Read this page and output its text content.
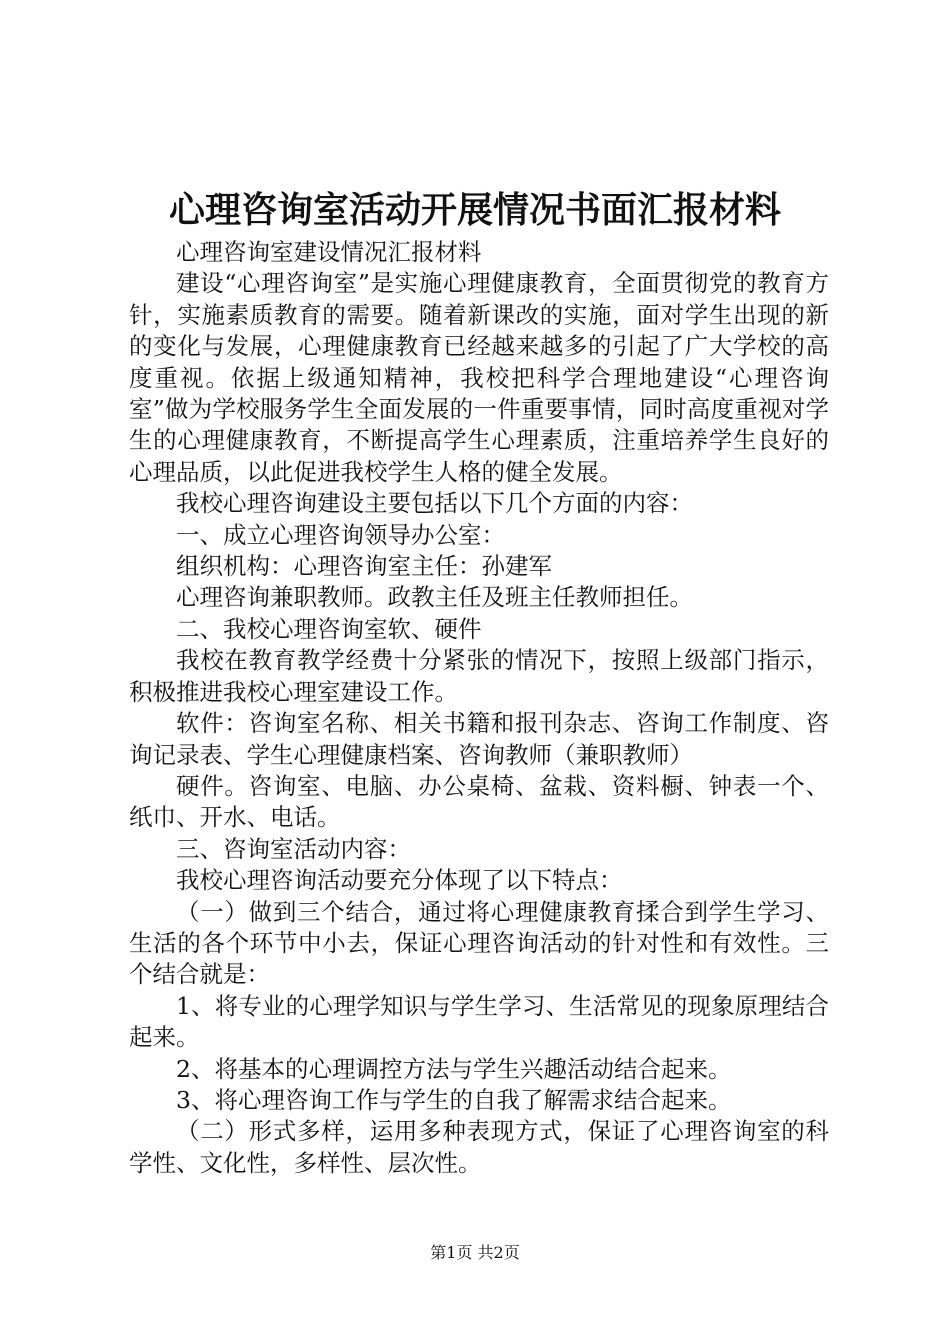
心理咨询室活动开展情况书面汇报材料

心理咨询室建设情况汇报材料

建设“心理咨询室”是实施心理健康教育，全面贯彻党的教育方针，实施素质教育的需要。随着新课改的实施，面对学生出现的新的变化与发展，心理健康教育已经越来越多的引起了广大学校的高度重视。依据上级通知精神，我校把科学合理地建设“心理咨询室”做为学校服务学生全面发展的一件重要事情，同时高度重视对学生的心理健康教育，不断提高学生心理素质，注重培养学生良好的心理品质，以此促进我校学生人格的健全发展。

我校心理咨询建设主要包括以下几个方面的内容：

一、成立心理咨询领导办公室：

组织机构：心理咨询室主任：孙建军

心理咨询兼职教师。政教主任及班主任教师担任。

二、我校心理咨询室软、硬件

我校在教育教学经费十分紧张的情况下，按照上级部门指示，积极推进我校心理室建设工作。

软件：咨询室名称、相关书籍和报刊杂志、咨询工作制度、咨询记录表、学生心理健康档案、咨询教师（兼职教师）

硬件。咨询室、电脑、办公桌椅、盆栽、资料橱、钟表一个、纸巾、开水、电话。

三、咨询室活动内容：

我校心理咨询活动要充分体现了以下特点：

（一）做到三个结合，通过将心理健康教育揉合到学生学习、生活的各个环节中小去，保证心理咨询活动的针对性和有效性。三个结合就是：

1、将专业的心理学知识与学生学习、生活常见的现象原理结合起来。

2、将基本的心理调控方法与学生兴趣活动结合起来。

3、将心理咨询工作与学生的自我了解需求结合起来。

（二）形式多样，运用多种表现方式，保证了心理咨询室的科学性、文化性，多样性、层次性。

第1页 共2页
